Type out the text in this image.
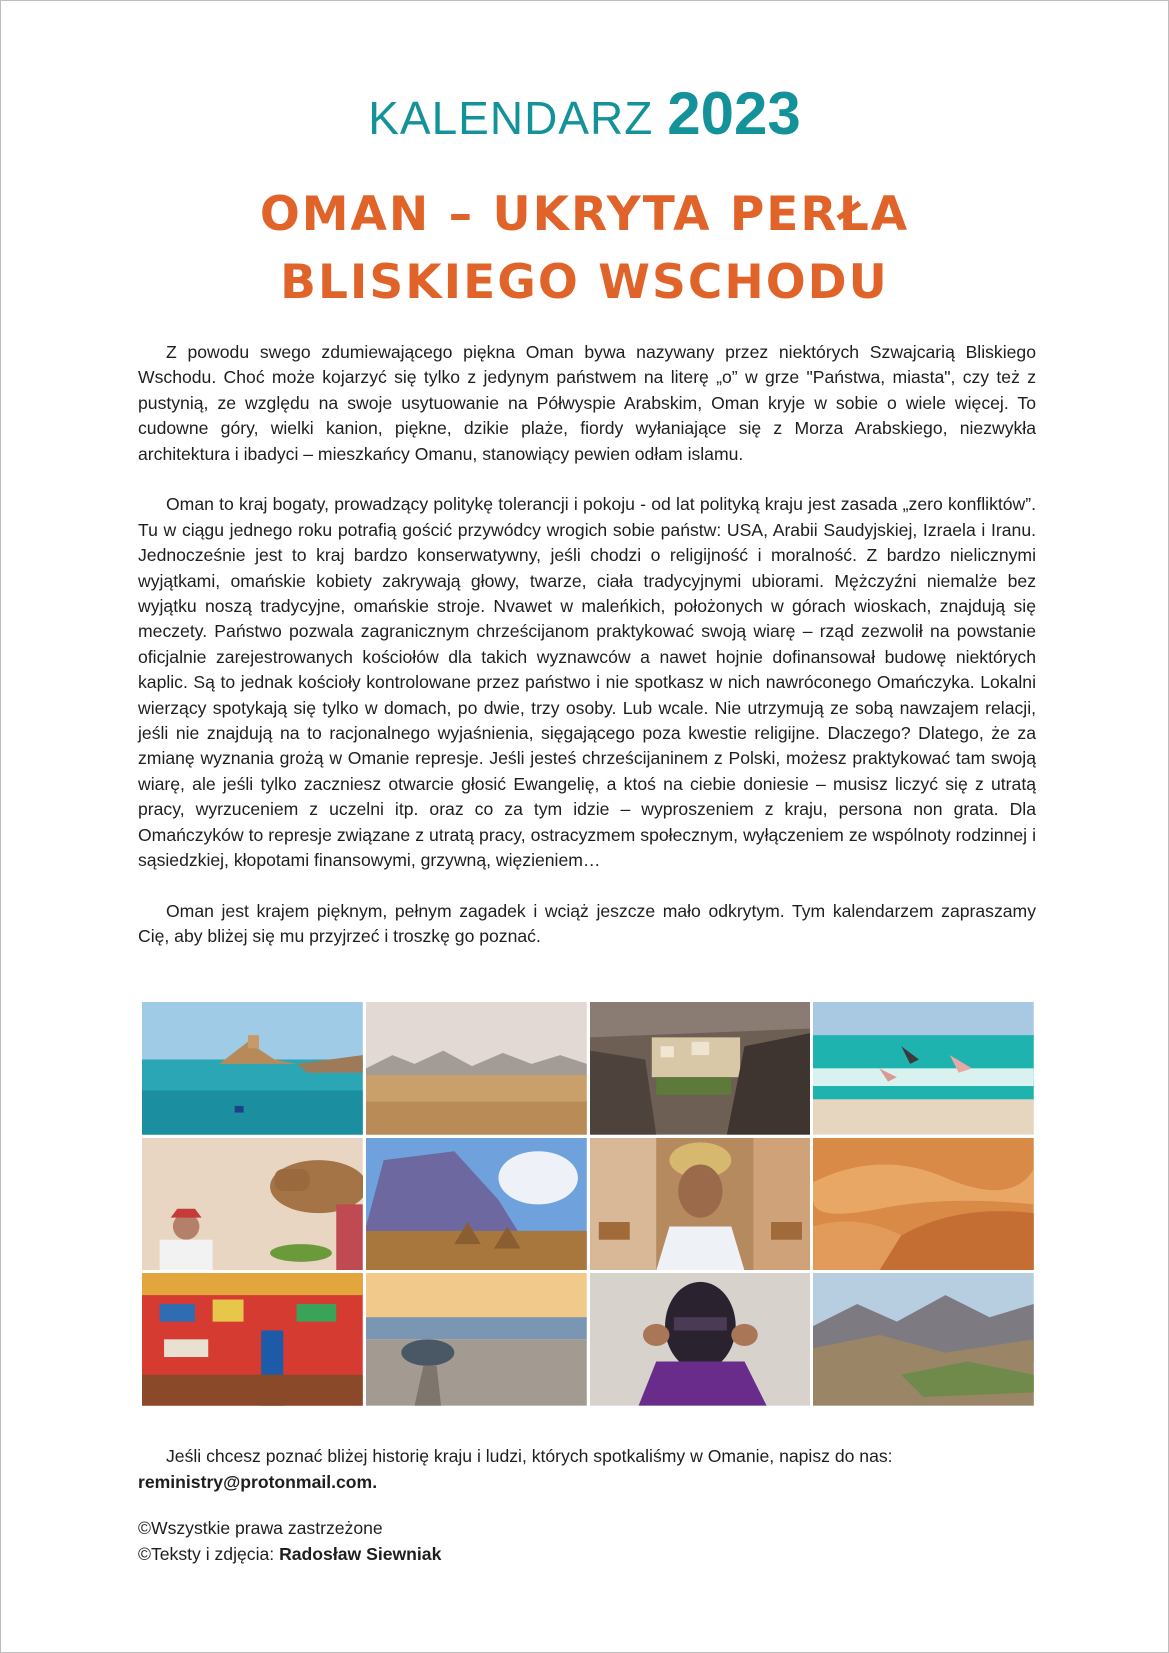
KALENDARZ 2023
OMAN – UKRYTA PERŁA
BLISKIEGO WSCHODU

Z powodu swego zdumiewającego piękna Oman bywa nazywany przez niektórych Szwajcarią Bliskiego Wschodu. Choć może kojarzyć się tylko z jedynym państwem na literę „o” w grze "Państwa, miasta", czy też z pustynią, ze względu na swoje usytuowanie na Półwyspie Arabskim, Oman kryje w sobie o wiele więcej. To cudowne góry, wielki kanion, piękne, dzikie plaże, fiordy wyłaniające się z Morza Arabskiego, niezwykła architektura i ibadyci – mieszkańcy Omanu, stanowiący pewien odłam islamu.

Oman to kraj bogaty, prowadzący politykę tolerancji i pokoju - od lat polityką kraju jest zasada „zero konfliktów”. Tu w ciągu jednego roku potrafią gościć przywódcy wrogich sobie państw: USA, Arabii Saudyjskiej, Izraela i Iranu. Jednocześnie jest to kraj bardzo konserwatywny, jeśli chodzi o religijność i moralność. Z bardzo nielicznymi wyjątkami, omańskie kobiety zakrywają głowy, twarze, ciała tradycyjnymi ubiorami. Mężczyźni niemalże bez wyjątku noszą tradycyjne, omańskie stroje. Nvawet w maleńkich, położonych w górach wioskach, znajdują się meczety. Państwo pozwala zagranicznym chrześcijanom praktykować swoją wiarę – rząd zezwolił na powstanie oficjalnie zarejestrowanych kościołów dla takich wyznawców a nawet hojnie dofinansował budowę niektórych kaplic. Są to jednak kościoły kontrolowane przez państwo i nie spotkasz w nich nawróconego Omańczyka. Lokalni wierzący spotykają się tylko w domach, po dwie, trzy osoby. Lub wcale. Nie utrzymują ze sobą nawzajem relacji, jeśli nie znajdują na to racjonalnego wyjaśnienia, sięgającego poza kwestie religijne. Dlaczego? Dlatego, że za zmianę wyznania grożą w Omanie represje. Jeśli jesteś chrześcijaninem z Polski, możesz praktykować tam swoją wiarę, ale jeśli tylko zaczniesz otwarcie głosić Ewangelię, a ktoś na ciebie doniesie – musisz liczyć się z utratą pracy, wyrzuceniem z uczelni itp. oraz co za tym idzie – wyproszeniem z kraju, persona non grata. Dla Omańczyków to represje związane z utratą pracy, ostracyzmem społecznym, wyłączeniem ze wspólnoty rodzinnej i sąsiedzkiej, kłopotami finansowymi, grzywną, więzieniem…

Oman jest krajem pięknym, pełnym zagadek i wciąż jeszcze mało odkrytym. Tym kalendarzem zapraszamy Cię, aby bliżej się mu przyjrzeć i troszkę go poznać.

Jeśli chcesz poznać bliżej historię kraju i ludzi, których spotkaliśmy w Omanie, napisz do nas:
reministry@protonmail.com.
©Wszystkie prawa zastrzeżone
©Teksty i zdjęcia: Radosław Siewniak
